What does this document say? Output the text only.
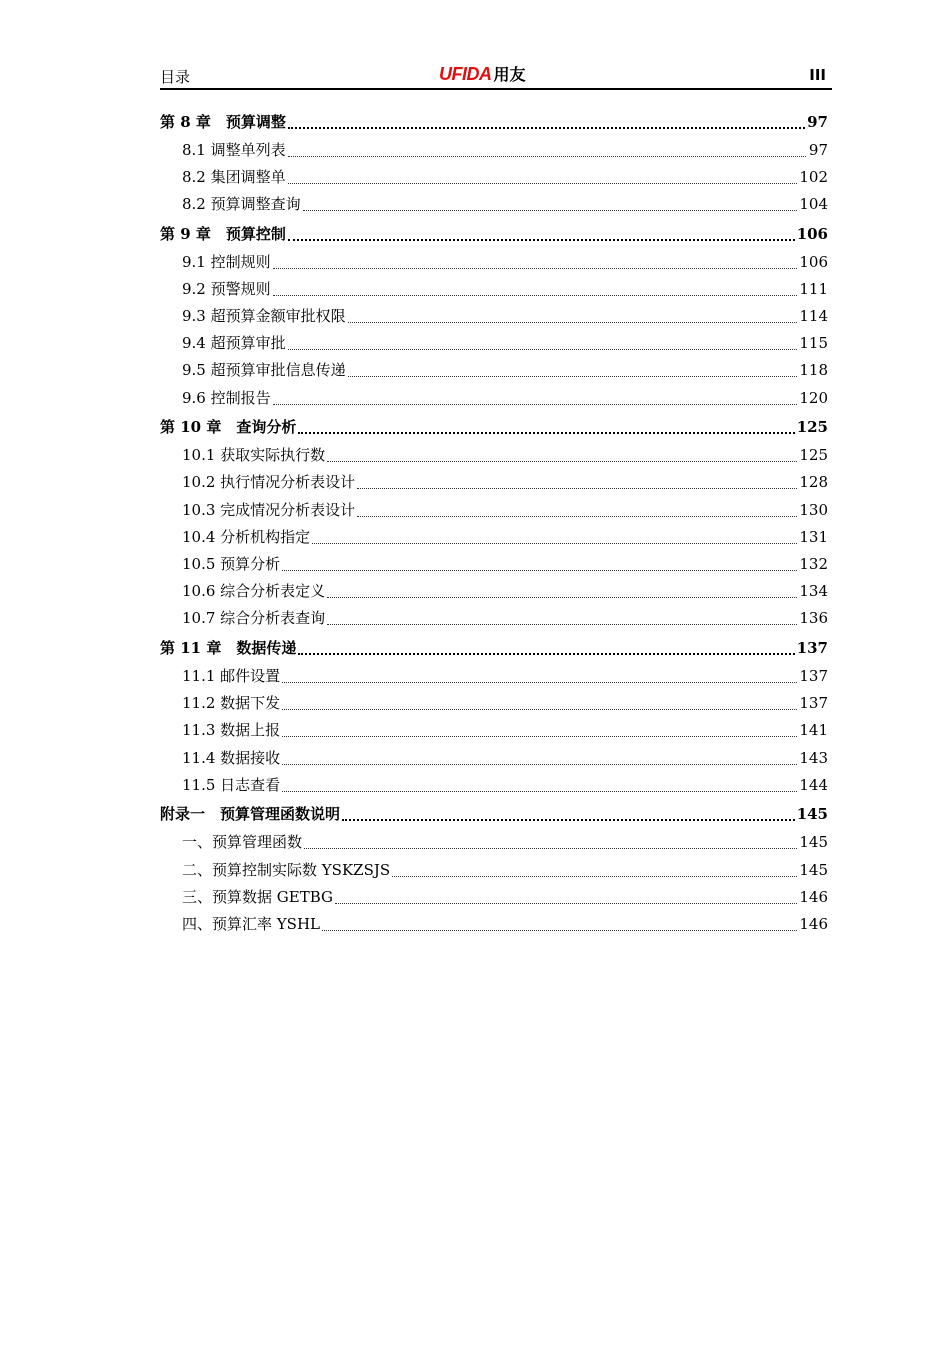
目录	UFIDA 用友	III
第 8 章　预算调整	97
8.1 调整单列表	97
8.2 集团调整单	102
8.2 预算调整查询	104
第 9 章　预算控制	106
9.1 控制规则	106
9.2 预警规则	111
9.3 超预算金额审批权限	114
9.4 超预算审批	115
9.5 超预算审批信息传递	118
9.6 控制报告	120
第 10 章　查询分析	125
10.1 获取实际执行数	125
10.2 执行情况分析表设计	128
10.3 完成情况分析表设计	130
10.4 分析机构指定	131
10.5 预算分析	132
10.6 综合分析表定义	134
10.7 综合分析表查询	136
第 11 章　数据传递	137
11.1 邮件设置	137
11.2 数据下发	137
11.3 数据上报	141
11.4 数据接收	143
11.5 日志查看	144
附录一　预算管理函数说明	145
一、预算管理函数	145
二、预算控制实际数 YSKZSJS	145
三、预算数据 GETBG	146
四、预算汇率 YSHL	146
